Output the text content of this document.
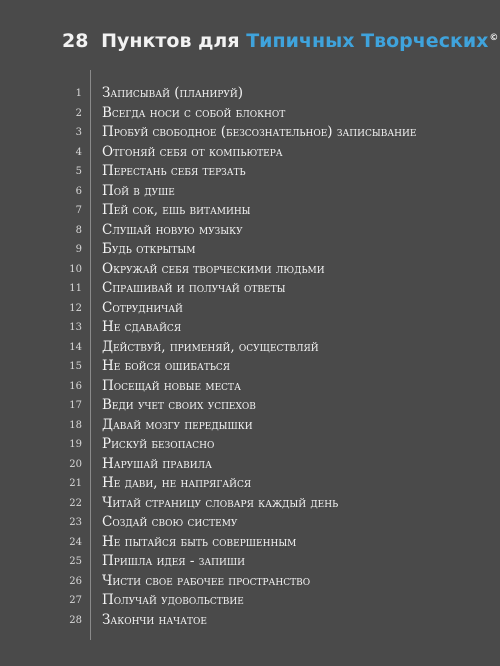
28 Пунктов для Типичных Творческих©
1 Записывай (планируй)
2 Всегда носи с собой блокнот
3 Пробуй свободное (безсознательное) записывание
4 Отгоняй себя от компьютера
5 Перестань себя терзать
6 Пой в душе
7 Пей сок, ешь витамины
8 Слушай новую музыку
9 Будь открытым
10 Окружай себя творческими людьми
11 Спрашивай и получай ответы
12 Сотрудничай
13 Не сдавайся
14 Действуй, применяй, осуществляй
15 Не бойся ошибаться
16 Посещай новые места
17 Веди учет своих успехов
18 Давай мозгу передышки
19 Рискуй безопасно
20 Нарушай правила
21 Не дави, не напрягайся
22 Читай страницу словаря каждый день
23 Создай свою систему
24 Не пытайся быть совершенным
25 Пришла идея - запиши
26 Чисти свое рабочее пространство
27 Получай удовольствие
28 Закончи начатое
